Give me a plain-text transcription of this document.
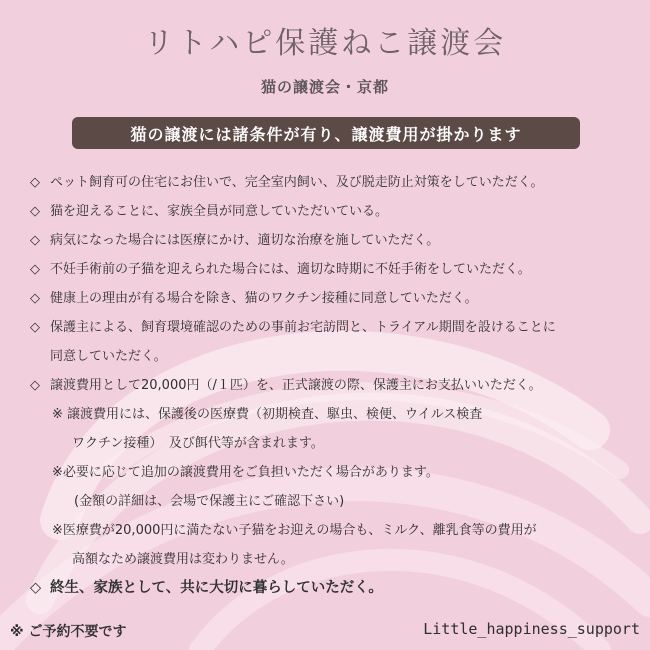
リトハピ保護ねこ譲渡会
猫の譲渡会・京都
猫の譲渡には諸条件が有り、譲渡費用が掛かります
◇ ペット飼育可の住宅にお住いで、完全室内飼い、及び脱走防止対策をしていただく。
◇ 猫を迎えることに、家族全員が同意していただいている。
◇ 病気になった場合には医療にかけ、適切な治療を施していただく。
◇ 不妊手術前の子猫を迎えられた場合には、適切な時期に不妊手術をしていただく。
◇ 健康上の理由が有る場合を除き、猫のワクチン接種に同意していただく。
◇ 保護主による、飼育環境確認のための事前お宅訪問と、トライアル期間を設けることに
同意していただく。
◇ 譲渡費用として20,000円（/１匹）を、正式譲渡の際、保護主にお支払いいただく。
※ 譲渡費用には、保護後の医療費（初期検査、駆虫、検便、ウイルス検査
ワクチン接種）　及び餌代等が含まれます。
※必要に応じて追加の譲渡費用をご負担いただく場合があります。
(金額の詳細は、会場で保護主にご確認下さい)
※医療費が20,000円に満たない子猫をお迎えの場合も、ミルク、離乳食等の費用が
高額なため譲渡費用は変わりません。
◇ 終生、家族として、共に大切に暮らしていただく。
※ ご予約不要です	Little_happiness_support
